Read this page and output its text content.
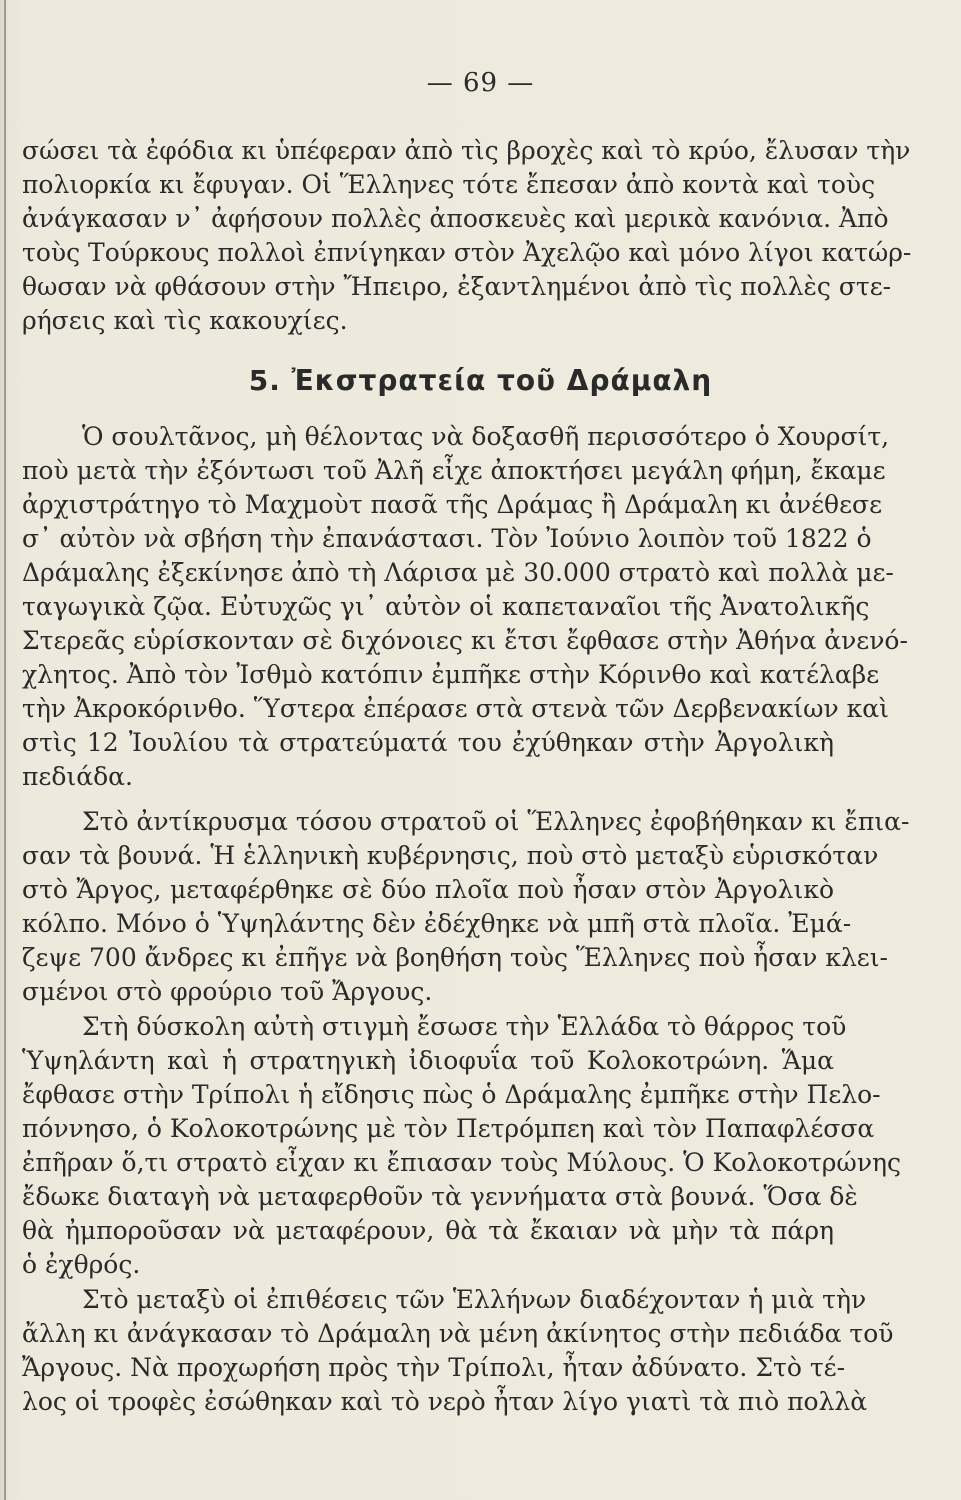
— 69 —
σώσει τὰ ἐφόδια κι ὑπέφεραν ἀπὸ τὶς βροχὲς καὶ τὸ κρύο, ἔλυσαν τὴν
πολιορκία κι ἔφυγαν. Οἱ Ἕλληνες τότε ἔπεσαν ἀπὸ κοντὰ καὶ τοὺς
ἀνάγκασαν ν᾿ ἀφήσουν πολλὲς ἀποσκευὲς καὶ μερικὰ κανόνια. Ἀπὸ
τοὺς Τούρκους πολλοὶ ἐπνίγηκαν στὸν Ἀχελῷο καὶ μόνο λίγοι κατώρ-
θωσαν νὰ φθάσουν στὴν Ἤπειρο, ἐξαντλημένοι ἀπὸ τὶς πολλὲς στε-
ρήσεις καὶ τὶς κακουχίες.
5. Ἐκστρατεία τοῦ Δράμαλη
Ὁ σουλτᾶνος, μὴ θέλοντας νὰ δοξασθῆ περισσότερο ὁ Χουρσίτ,
ποὺ μετὰ τὴν ἐξόντωσι τοῦ Ἀλῆ εἶχε ἀποκτήσει μεγάλη φήμη, ἔκαμε
ἀρχιστράτηγο τὸ Μαχμοὺτ πασᾶ τῆς Δράμας ἢ Δράμαλη κι ἀνέθεσε
σ᾿ αὐτὸν νὰ σβήση τὴν ἐπανάστασι. Τὸν Ἰούνιο λοιπὸν τοῦ 1822 ὁ
Δράμαλης ἐξεκίνησε ἀπὸ τὴ Λάρισα μὲ 30.000 στρατὸ καὶ πολλὰ με-
ταγωγικὰ ζῷα. Εὐτυχῶς γι᾿ αὐτὸν οἱ καπεταναῖοι τῆς Ἀνατολικῆς
Στερεᾶς εὑρίσκονταν σὲ διχόνοιες κι ἔτσι ἔφθασε στὴν Ἀθήνα ἀνενό-
χλητος. Ἀπὸ τὸν Ἰσθμὸ κατόπιν ἐμπῆκε στὴν Κόρινθο καὶ κατέλαβε
τὴν Ἀκροκόρινθο. Ὕστερα ἐπέρασε στὰ στενὰ τῶν Δερβενακίων καὶ
στὶς 12 Ἰουλίου τὰ στρατεύματά του ἐχύθηκαν στὴν Ἀργολικὴ
πεδιάδα.
Στὸ ἀντίκρυσμα τόσου στρατοῦ οἱ Ἕλληνες ἐφοβήθηκαν κι ἔπια-
σαν τὰ βουνά. Ἡ ἑλληνικὴ κυβέρνησις, ποὺ στὸ μεταξὺ εὑρισκόταν
στὸ Ἄργος, μεταφέρθηκε σὲ δύο πλοῖα ποὺ ἦσαν στὸν Ἀργολικὸ
κόλπο. Μόνο ὁ Ὑψηλάντης δὲν ἐδέχθηκε νὰ μπῆ στὰ πλοῖα. Ἐμά-
ζεψε 700 ἄνδρες κι ἐπῆγε νὰ βοηθήση τοὺς Ἕλληνες ποὺ ἦσαν κλει-
σμένοι στὸ φρούριο τοῦ Ἄργους.
Στὴ δύσκολη αὐτὴ στιγμὴ ἔσωσε τὴν Ἑλλάδα τὸ θάρρος τοῦ
Ὑψηλάντη καὶ ἡ στρατηγικὴ ἰδιοφυΐα τοῦ Κολοκοτρώνη. Ἅμα
ἔφθασε στὴν Τρίπολι ἡ εἴδησις πὼς ὁ Δράμαλης ἐμπῆκε στὴν Πελο-
πόννησο, ὁ Κολοκοτρώνης μὲ τὸν Πετρόμπεη καὶ τὸν Παπαφλέσσα
ἐπῆραν ὅ,τι στρατὸ εἶχαν κι ἔπιασαν τοὺς Μύλους. Ὁ Κολοκοτρώνης
ἔδωκε διαταγὴ νὰ μεταφερθοῦν τὰ γεννήματα στὰ βουνά. Ὅσα δὲ
θὰ ἠμποροῦσαν νὰ μεταφέρουν, θὰ τὰ ἔκαιαν νὰ μὴν τὰ πάρη
ὁ ἐχθρός.
Στὸ μεταξὺ οἱ ἐπιθέσεις τῶν Ἑλλήνων διαδέχονταν ἡ μιὰ τὴν
ἄλλη κι ἀνάγκασαν τὸ Δράμαλη νὰ μένη ἀκίνητος στὴν πεδιάδα τοῦ
Ἄργους. Νὰ προχωρήση πρὸς τὴν Τρίπολι, ἦταν ἀδύνατο. Στὸ τέ-
λος οἱ τροφὲς ἐσώθηκαν καὶ τὸ νερὸ ἦταν λίγο γιατὶ τὰ πιὸ πολλὰ
